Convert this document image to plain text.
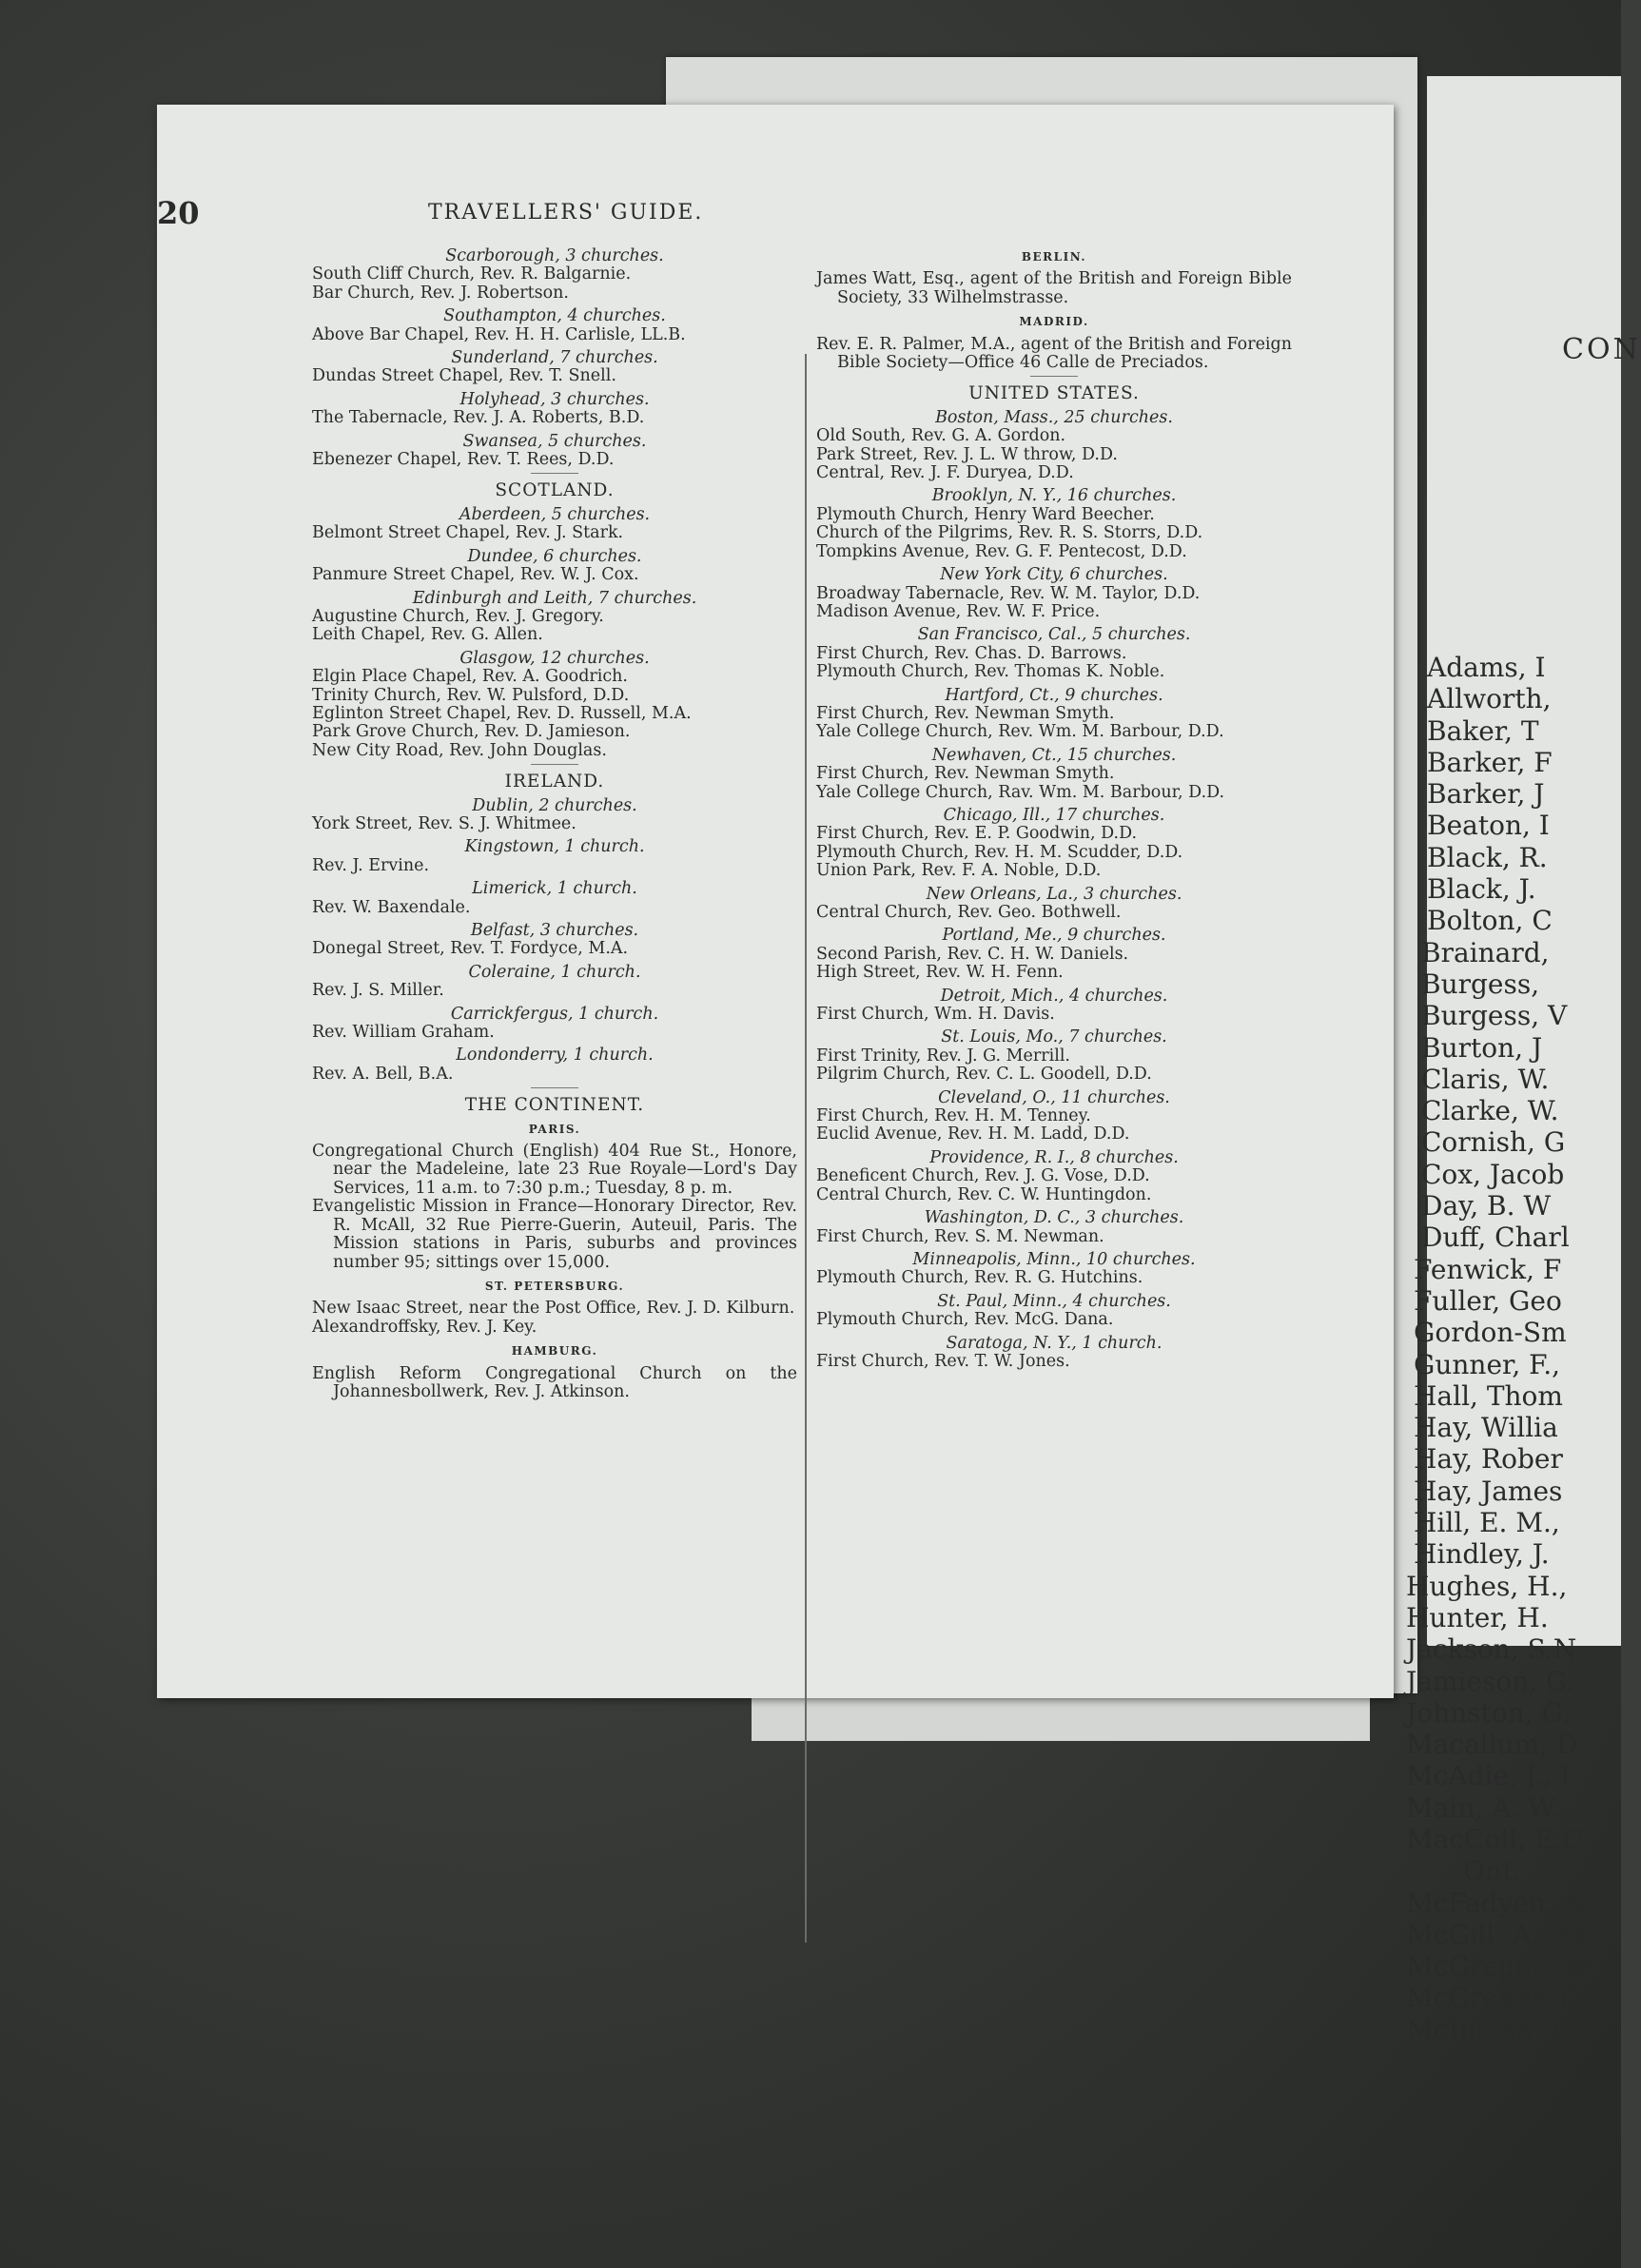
CON
Adams, I
Allworth,
Baker, T
Barker, F
Barker, J
Beaton, I
Black, R.
Black, J.
Bolton, C
Brainard,
Burgess,
Burgess, V
Burton, J
Claris, W.
Clarke, W.
Cornish, G
Cox, Jacob
Day, B. W
Duff, Charl
Fenwick, F
Fuller, Geo
Gordon-Sm
Gunner, F.,
Hall, Thom
Hay, Willia
Hay, Rober
Hay, James
Hill, E. M.,
Hindley, J.
Hughes, H.,
Hunter, H.
Jackson, S.N
Jamieson, G.
Johnston, G.
Macallum, D
McAdie, J., I
Main, A. W.,
MacColl, E.C
Ont.
McFadyen, A
McGill, A., M.
McGregor, Ar
McGregor, Du
McIntosh, Wi
20	TRAVELLERS' GUIDE.
Scarborough, 3 churches.
South Cliff Church, Rev. R. Balgarnie.
Bar Church, Rev. J. Robertson.
Southampton, 4 churches.
Above Bar Chapel, Rev. H. H. Carlisle, LL.B.
Sunderland, 7 churches.
Dundas Street Chapel, Rev. T. Snell.
Holyhead, 3 churches.
The Tabernacle, Rev. J. A. Roberts, B.D.
Swansea, 5 churches.
Ebenezer Chapel, Rev. T. Rees, D.D.
SCOTLAND.
Aberdeen, 5 churches.
Belmont Street Chapel, Rev. J. Stark.
Dundee, 6 churches.
Panmure Street Chapel, Rev. W. J. Cox.
Edinburgh and Leith, 7 churches.
Augustine Church, Rev. J. Gregory.
Leith Chapel, Rev. G. Allen.
Glasgow, 12 churches.
Elgin Place Chapel, Rev. A. Goodrich.
Trinity Church, Rev. W. Pulsford, D.D.
Eglinton Street Chapel, Rev. D. Russell, M.A.
Park Grove Church, Rev. D. Jamieson.
New City Road, Rev. John Douglas.
IRELAND.
Dublin, 2 churches.
York Street, Rev. S. J. Whitmee.
Kingstown, 1 church.
Rev. J. Ervine.
Limerick, 1 church.
Rev. W. Baxendale.
Belfast, 3 churches.
Donegal Street, Rev. T. Fordyce, M.A.
Coleraine, 1 church.
Rev. J. S. Miller.
Carrickfergus, 1 church.
Rev. William Graham.
Londonderry, 1 church.
Rev. A. Bell, B.A.
THE CONTINENT.
PARIS.
Congregational Church (English) 404 Rue St., Honore, near the Madeleine, late 23 Rue Royale—Lord's Day Services, 11 a.m. to 7:30 p.m.; Tuesday, 8 p. m.
Evangelistic Mission in France—Honorary Director, Rev. R. McAll, 32 Rue Pierre-Guerin, Auteuil, Paris. The Mission stations in Paris, suburbs and provinces number 95; sittings over 15,000.
ST. PETERSBURG.
New Isaac Street, near the Post Office, Rev. J. D. Kilburn.
Alexandroffsky, Rev. J. Key.
HAMBURG.
English Reform Congregational Church on the Johannesbollwerk, Rev. J. Atkinson.
BERLIN.
James Watt, Esq., agent of the British and Foreign Bible Society, 33 Wilhelmstrasse.
MADRID.
Rev. E. R. Palmer, M.A., agent of the British and Foreign Bible Society—Office 46 Calle de Preciados.
UNITED STATES.
Boston, Mass., 25 churches.
Old South, Rev. G. A. Gordon.
Park Street, Rev. J. L. W throw, D.D.
Central, Rev. J. F. Duryea, D.D.
Brooklyn, N. Y., 16 churches.
Plymouth Church, Henry Ward Beecher.
Church of the Pilgrims, Rev. R. S. Storrs, D.D.
Tompkins Avenue, Rev. G. F. Pentecost, D.D.
New York City, 6 churches.
Broadway Tabernacle, Rev. W. M. Taylor, D.D.
Madison Avenue, Rev. W. F. Price.
San Francisco, Cal., 5 churches.
First Church, Rev. Chas. D. Barrows.
Plymouth Church, Rev. Thomas K. Noble.
Hartford, Ct., 9 churches.
First Church, Rev. Newman Smyth.
Yale College Church, Rev. Wm. M. Barbour, D.D.
Newhaven, Ct., 15 churches.
First Church, Rev. Newman Smyth.
Yale College Church, Rav. Wm. M. Barbour, D.D.
Chicago, Ill., 17 churches.
First Church, Rev. E. P. Goodwin, D.D.
Plymouth Church, Rev. H. M. Scudder, D.D.
Union Park, Rev. F. A. Noble, D.D.
New Orleans, La., 3 churches.
Central Church, Rev. Geo. Bothwell.
Portland, Me., 9 churches.
Second Parish, Rev. C. H. W. Daniels.
High Street, Rev. W. H. Fenn.
Detroit, Mich., 4 churches.
First Church, Wm. H. Davis.
St. Louis, Mo., 7 churches.
First Trinity, Rev. J. G. Merrill.
Pilgrim Church, Rev. C. L. Goodell, D.D.
Cleveland, O., 11 churches.
First Church, Rev. H. M. Tenney.
Euclid Avenue, Rev. H. M. Ladd, D.D.
Providence, R. I., 8 churches.
Beneficent Church, Rev. J. G. Vose, D.D.
Central Church, Rev. C. W. Huntingdon.
Washington, D. C., 3 churches.
First Church, Rev. S. M. Newman.
Minneapolis, Minn., 10 churches.
Plymouth Church, Rev. R. G. Hutchins.
St. Paul, Minn., 4 churches.
Plymouth Church, Rev. McG. Dana.
Saratoga, N. Y., 1 church.
First Church, Rev. T. W. Jones.
